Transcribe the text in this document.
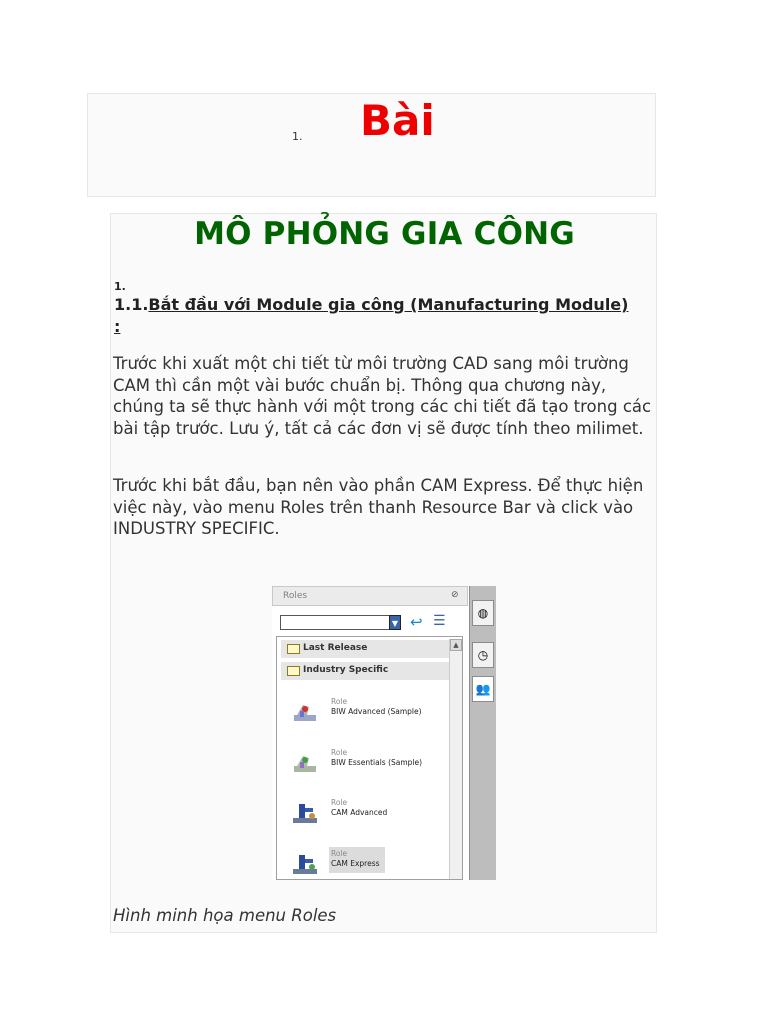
1. Bài
MÔ PHỎNG GIA CÔNG
1.
1.1.Bắt đầu với Module gia công (Manufacturing Module)
:

Trước khi xuất một chi tiết từ môi trường CAD sang môi trường CAM thì cần một vài bước chuẩn bị. Thông qua chương này, chúng ta sẽ thực hành với một trong các chi tiết đã tạo trong các bài tập trước. Lưu ý, tất cả các đơn vị sẽ được tính theo milimet.

Trước khi bắt đầu, bạn nên vào phần CAM Express. Để thực hiện việc này, vào menu Roles trên thanh Resource Bar và click vào INDUSTRY SPECIFIC.

Hình minh họa menu Roles
Roles	⊘
▼ ↩ ☰
Last Release
Industry Specific
Role
BIW Advanced (Sample)
Role
BIW Essentials (Sample)
Role
CAM Advanced
Role
CAM Express
▲
◍
◷
👥
